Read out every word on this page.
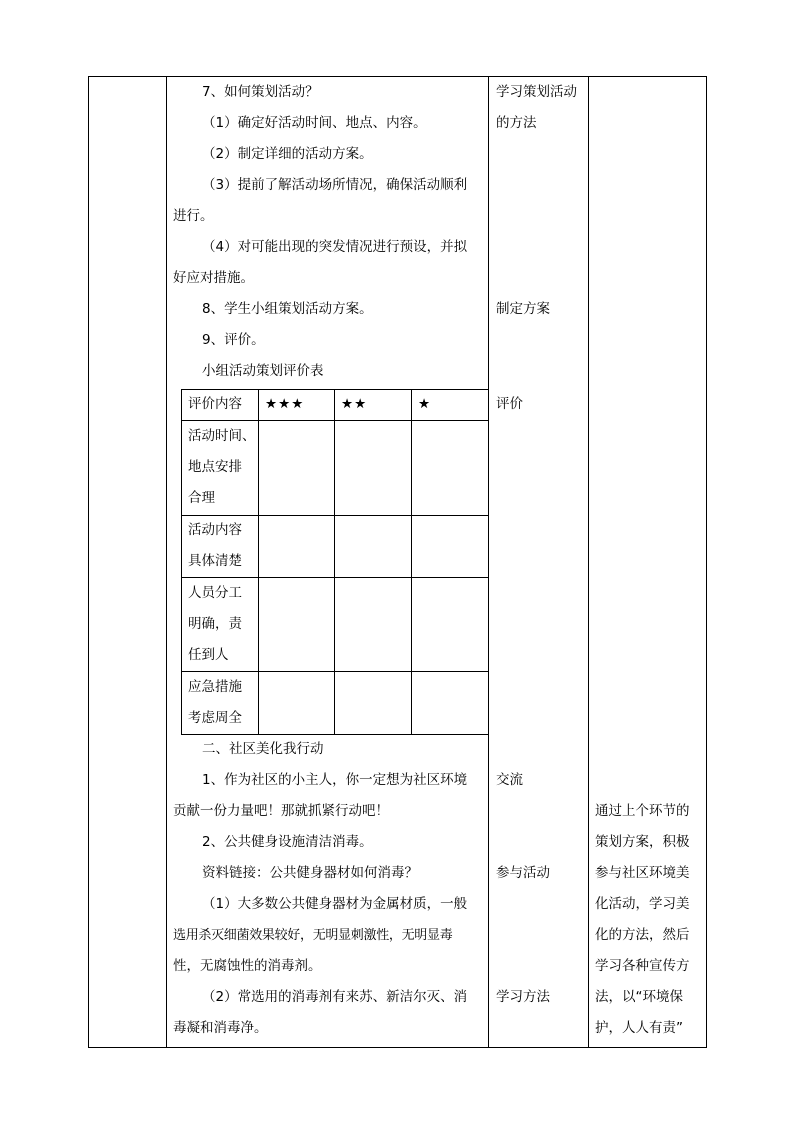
7、如何策划活动？
（1）确定好活动时间、地点、内容。
（2）制定详细的活动方案。
（3）提前了解活动场所情况，确保活动顺利
进行。
（4）对可能出现的突发情况进行预设，并拟
好应对措施。
8、学生小组策划活动方案。
9、评价。
小组活动策划评价表
评价内容 ★★★	★★	★
活动时间、
地点安排
合理
活动内容
具体清楚
人员分工
明确，责
任到人
应急措施
考虑周全
二、社区美化我行动
1、作为社区的小主人，你一定想为社区环境
贡献一份力量吧！那就抓紧行动吧！
2、公共健身设施清洁消毒。
资料链接：公共健身器材如何消毒？
（1）大多数公共健身器材为金属材质，一般
选用杀灭细菌效果较好，无明显刺激性，无明显毒
性，无腐蚀性的消毒剂。
（2）常选用的消毒剂有来苏、新洁尔灭、消
毒凝和消毒净。
学习策划活动
的方法
制定方案
评价
交流
参与活动
学习方法
通过上个环节的
策划方案，积极
参与社区环境美
化活动，学习美
化的方法，然后
学习各种宣传方
法，以“环境保
护，人人有责”
